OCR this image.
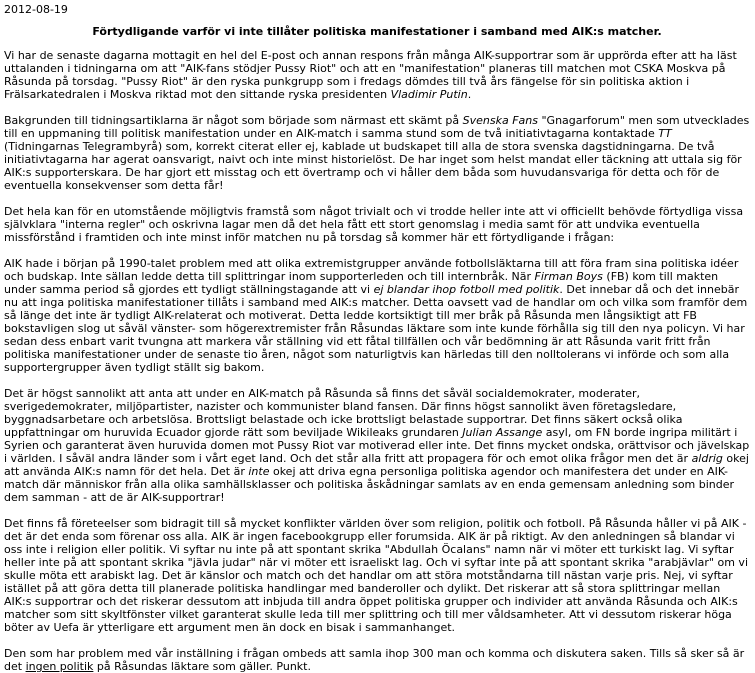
2012-08-19
Förtydligande varför vi inte tillåter politiska manifestationer i samband med AIK:s matcher.

Vi har de senaste dagarna mottagit en hel del E-post och annan respons från många AIK-supportrar som är upprörda efter att ha läst uttalanden i tidningarna om att "AIK-fans stödjer Pussy Riot" och att en "manifestation" planeras till matchen mot CSKA Moskva på Råsunda på torsdag. "Pussy Riot" är den ryska punkgrupp som i fredags dömdes till två års fängelse för sin politiska aktion i Frälsarkatedralen i Moskva riktad mot den sittande ryska presidenten Vladimir Putin.

Bakgrunden till tidningsartiklarna är något som började som närmast ett skämt på Svenska Fans "Gnagarforum" men som utvecklades till en uppmaning till politisk manifestation under en AIK-match i samma stund som de två initiativtagarna kontaktade TT (Tidningarnas Telegrambyrå) som, korrekt citerat eller ej, kablade ut budskapet till alla de stora svenska dagstidningarna. De två initiativtagarna har agerat oansvarigt, naivt och inte minst historielöst. De har inget som helst mandat eller täckning att uttala sig för AIK:s supporterskara. De har gjort ett misstag och ett övertramp och vi håller dem båda som huvudansvariga för detta och för de eventuella konsekvenser som detta får!

Det hela kan för en utomstående möjligtvis framstå som något trivialt och vi trodde heller inte att vi officiellt behövde förtydliga vissa självklara "interna regler" och oskrivna lagar men då det hela fått ett stort genomslag i media samt för att undvika eventuella missförstånd i framtiden och inte minst inför matchen nu på torsdag så kommer här ett förtydligande i frågan:

AIK hade i början på 1990-talet problem med att olika extremistgrupper använde fotbollsläktarna till att föra fram sina politiska idéer och budskap. Inte sällan ledde detta till splittringar inom supporterleden och till internbråk. När Firman Boys (FB) kom till makten under samma period så gjordes ett tydligt ställningstagande att vi ej blandar ihop fotboll med politik. Det innebar då och det innebär nu att inga politiska manifestationer tillåts i samband med AIK:s matcher. Detta oavsett vad de handlar om och vilka som framför dem så länge det inte är tydligt AIK-relaterat och motiverat. Detta ledde kortsiktigt till mer bråk på Råsunda men långsiktigt att FB bokstavligen slog ut såväl vänster- som högerextremister från Råsundas läktare som inte kunde förhålla sig till den nya policyn. Vi har sedan dess enbart varit tvungna att markera vår ställning vid ett fåtal tillfällen och vår bedömning är att Råsunda varit fritt från politiska manifestationer under de senaste tio åren, något som naturligtvis kan härledas till den nolltolerans vi införde och som alla supportergrupper även tydligt ställt sig bakom.

Det är högst sannolikt att anta att under en AIK-match på Råsunda så finns det såväl socialdemokrater, moderater, sverigedemokrater, miljöpartister, nazister och kommunister bland fansen. Där finns högst sannolikt även företagsledare, byggnadsarbetare och arbetslösa. Brottsligt belastade och icke brottsligt belastade supportrar. Det finns säkert också olika uppfattningar om huruvida Ecuador gjorde rätt som beviljade Wikileaks grundaren Julian Assange asyl, om FN borde ingripa militärt i Syrien och garanterat även huruvida domen mot Pussy Riot var motiverad eller inte. Det finns mycket ondska, orättvisor och jävelskap i världen. I såväl andra länder som i vårt eget land. Och det står alla fritt att propagera för och emot olika frågor men det är aldrig okej att använda AIK:s namn för det hela. Det är inte okej att driva egna personliga politiska agendor och manifestera det under en AIK-match där människor från alla olika samhällsklasser och politiska åskådningar samlats av en enda gemensam anledning som binder dem samman - att de är AIK-supportrar!

Det finns få företeelser som bidragit till så mycket konflikter världen över som religion, politik och fotboll. På Råsunda håller vi på AIK - det är det enda som förenar oss alla. AIK är ingen facebookgrupp eller forumsida. AIK är på riktigt. Av den anledningen så blandar vi oss inte i religion eller politik. Vi syftar nu inte på att spontant skrika "Abdullah Öcalans" namn när vi möter ett turkiskt lag. Vi syftar heller inte på att spontant skrika "jävla judar" när vi möter ett israeliskt lag. Och vi syftar inte på att spontant skrika "arabjävlar" om vi skulle möta ett arabiskt lag. Det är känslor och match och det handlar om att störa motståndarna till nästan varje pris. Nej, vi syftar istället på att göra detta till planerade politiska handlingar med banderoller och dylikt. Det riskerar att så stora splittringar mellan AIK:s supportrar och det riskerar dessutom att inbjuda till andra öppet politiska grupper och individer att använda Råsunda och AIK:s matcher som sitt skyltfönster vilket garanterat skulle leda till mer splittring och till mer våldsamheter. Att vi dessutom riskerar höga böter av Uefa är ytterligare ett argument men än dock en bisak i sammanhanget.

Den som har problem med vår inställning i frågan ombeds att samla ihop 300 man och komma och diskutera saken. Tills så sker så är det ingen politik på Råsundas läktare som gäller. Punkt.
